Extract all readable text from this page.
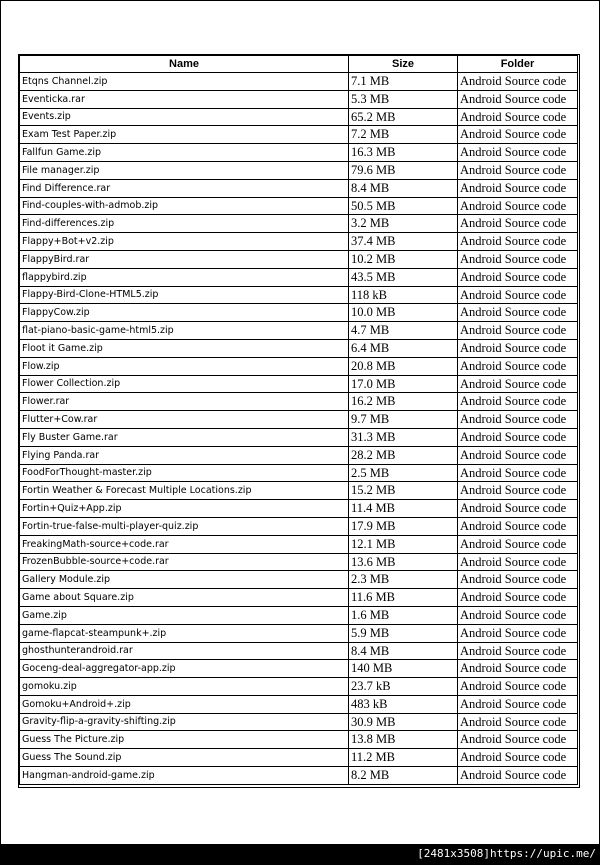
Name	Size	Folder
Etqns Channel.zip	7.1 MB	Android Source code
Eventicka.rar	5.3 MB	Android Source code
Events.zip	65.2 MB	Android Source code
Exam Test Paper.zip	7.2 MB	Android Source code
Fallfun Game.zip	16.3 MB	Android Source code
File manager.zip	79.6 MB	Android Source code
Find Difference.rar	8.4 MB	Android Source code
Find-couples-with-admob.zip	50.5 MB	Android Source code
Find-differences.zip	3.2 MB	Android Source code
Flappy+Bot+v2.zip	37.4 MB	Android Source code
FlappyBird.rar	10.2 MB	Android Source code
flappybird.zip	43.5 MB	Android Source code
Flappy-Bird-Clone-HTML5.zip	118 kB	Android Source code
FlappyCow.zip	10.0 MB	Android Source code
flat-piano-basic-game-html5.zip	4.7 MB	Android Source code
Floot it Game.zip	6.4 MB	Android Source code
Flow.zip	20.8 MB	Android Source code
Flower Collection.zip	17.0 MB	Android Source code
Flower.rar	16.2 MB	Android Source code
Flutter+Cow.rar	9.7 MB	Android Source code
Fly Buster Game.rar	31.3 MB	Android Source code
Flying Panda.rar	28.2 MB	Android Source code
FoodForThought-master.zip	2.5 MB	Android Source code
Fortin Weather & Forecast Multiple Locations.zip	15.2 MB	Android Source code
Fortin+Quiz+App.zip	11.4 MB	Android Source code
Fortin-true-false-multi-player-quiz.zip	17.9 MB	Android Source code
FreakingMath-source+code.rar	12.1 MB	Android Source code
FrozenBubble-source+code.rar	13.6 MB	Android Source code
Gallery Module.zip	2.3 MB	Android Source code
Game about Square.zip	11.6 MB	Android Source code
Game.zip	1.6 MB	Android Source code
game-flapcat-steampunk+.zip	5.9 MB	Android Source code
ghosthunterandroid.rar	8.4 MB	Android Source code
Goceng-deal-aggregator-app.zip	140 MB	Android Source code
gomoku.zip	23.7 kB	Android Source code
Gomoku+Android+.zip	483 kB	Android Source code
Gravity-flip-a-gravity-shifting.zip	30.9 MB	Android Source code
Guess The Picture.zip	13.8 MB	Android Source code
Guess The Sound.zip	11.2 MB	Android Source code
Hangman-android-game.zip	8.2 MB	Android Source code
[2481x3508]https://upic.me/
